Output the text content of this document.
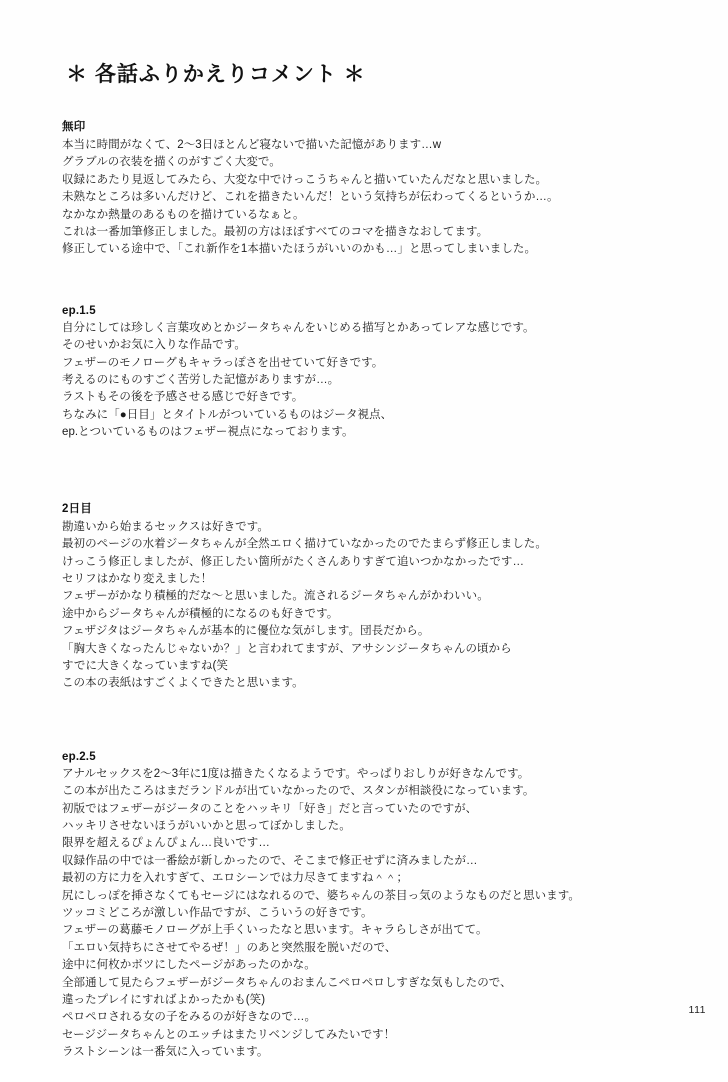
＊ 各話ふりかえりコメント ＊
無印
本当に時間がなくて、2～3日ほとんど寝ないで描いた記憶があります…w
グラブルの衣装を描くのがすごく大変で。
収録にあたり見返してみたら、大変な中でけっこうちゃんと描いていたんだなと思いました。
未熟なところは多いんだけど、これを描きたいんだ！という気持ちが伝わってくるというか…。
なかなか熱量のあるものを描けているなぁと。
これは一番加筆修正しました。最初の方はほぼすべてのコマを描きなおしてます。
修正している途中で、「これ新作を1本描いたほうがいいのかも…」と思ってしまいました。
ep.1.5
自分にしては珍しく言葉攻めとかジータちゃんをいじめる描写とかあってレアな感じです。
そのせいかお気に入りな作品です。
フェザーのモノローグもキャラっぽさを出せていて好きです。
考えるのにものすごく苦労した記憶がありますが…。
ラストもその後を予感させる感じで好きです。
ちなみに「●日目」とタイトルがついているものはジータ視点、
ep.とついているものはフェザー視点になっております。
2日目
勘違いから始まるセックスは好きです。
最初のページの水着ジータちゃんが全然エロく描けていなかったのでたまらず修正しました。
けっこう修正しましたが、修正したい箇所がたくさんありすぎて追いつかなかったです…
セリフはかなり変えました！
フェザーがかなり積極的だな～と思いました。流されるジータちゃんがかわいい。
途中からジータちゃんが積極的になるのも好きです。
フェザジタはジータちゃんが基本的に優位な気がします。団長だから。
「胸大きくなったんじゃないか？」と言われてますが、アサシンジータちゃんの頃から
すでに大きくなっていますね(笑
この本の表紙はすごくよくできたと思います。
ep.2.5
アナルセックスを2～3年に1度は描きたくなるようです。やっぱりおしりが好きなんです。
この本が出たころはまだランドルが出ていなかったので、スタンが相談役になっています。
初版ではフェザーがジータのことをハッキリ「好き」だと言っていたのですが、
ハッキリさせないほうがいいかと思ってぼかしました。
限界を超えるぴょんぴょん…良いです…
収録作品の中では一番絵が新しかったので、そこまで修正せずに済みましたが…
最初の方に力を入れすぎて、エロシーンでは力尽きてますね＾＾；
尻にしっぽを挿さなくてもセージにはなれるので、婆ちゃんの茶目っ気のようなものだと思います。
ツッコミどころが激しい作品ですが、こういうの好きです。
フェザーの葛藤モノローグが上手くいったなと思います。キャラらしさが出てて。
「エロい気持ちにさせてやるぜ！」のあと突然服を脱いだので、
途中に何枚かボツにしたページがあったのかな。
全部通して見たらフェザーがジータちゃんのおまんこペロペロしすぎな気もしたので、
違ったプレイにすればよかったかも(笑)
ペロペロされる女の子をみるのが好きなので…。
セージジータちゃんとのエッチはまたリベンジしてみたいです！
ラストシーンは一番気に入っています。
111
